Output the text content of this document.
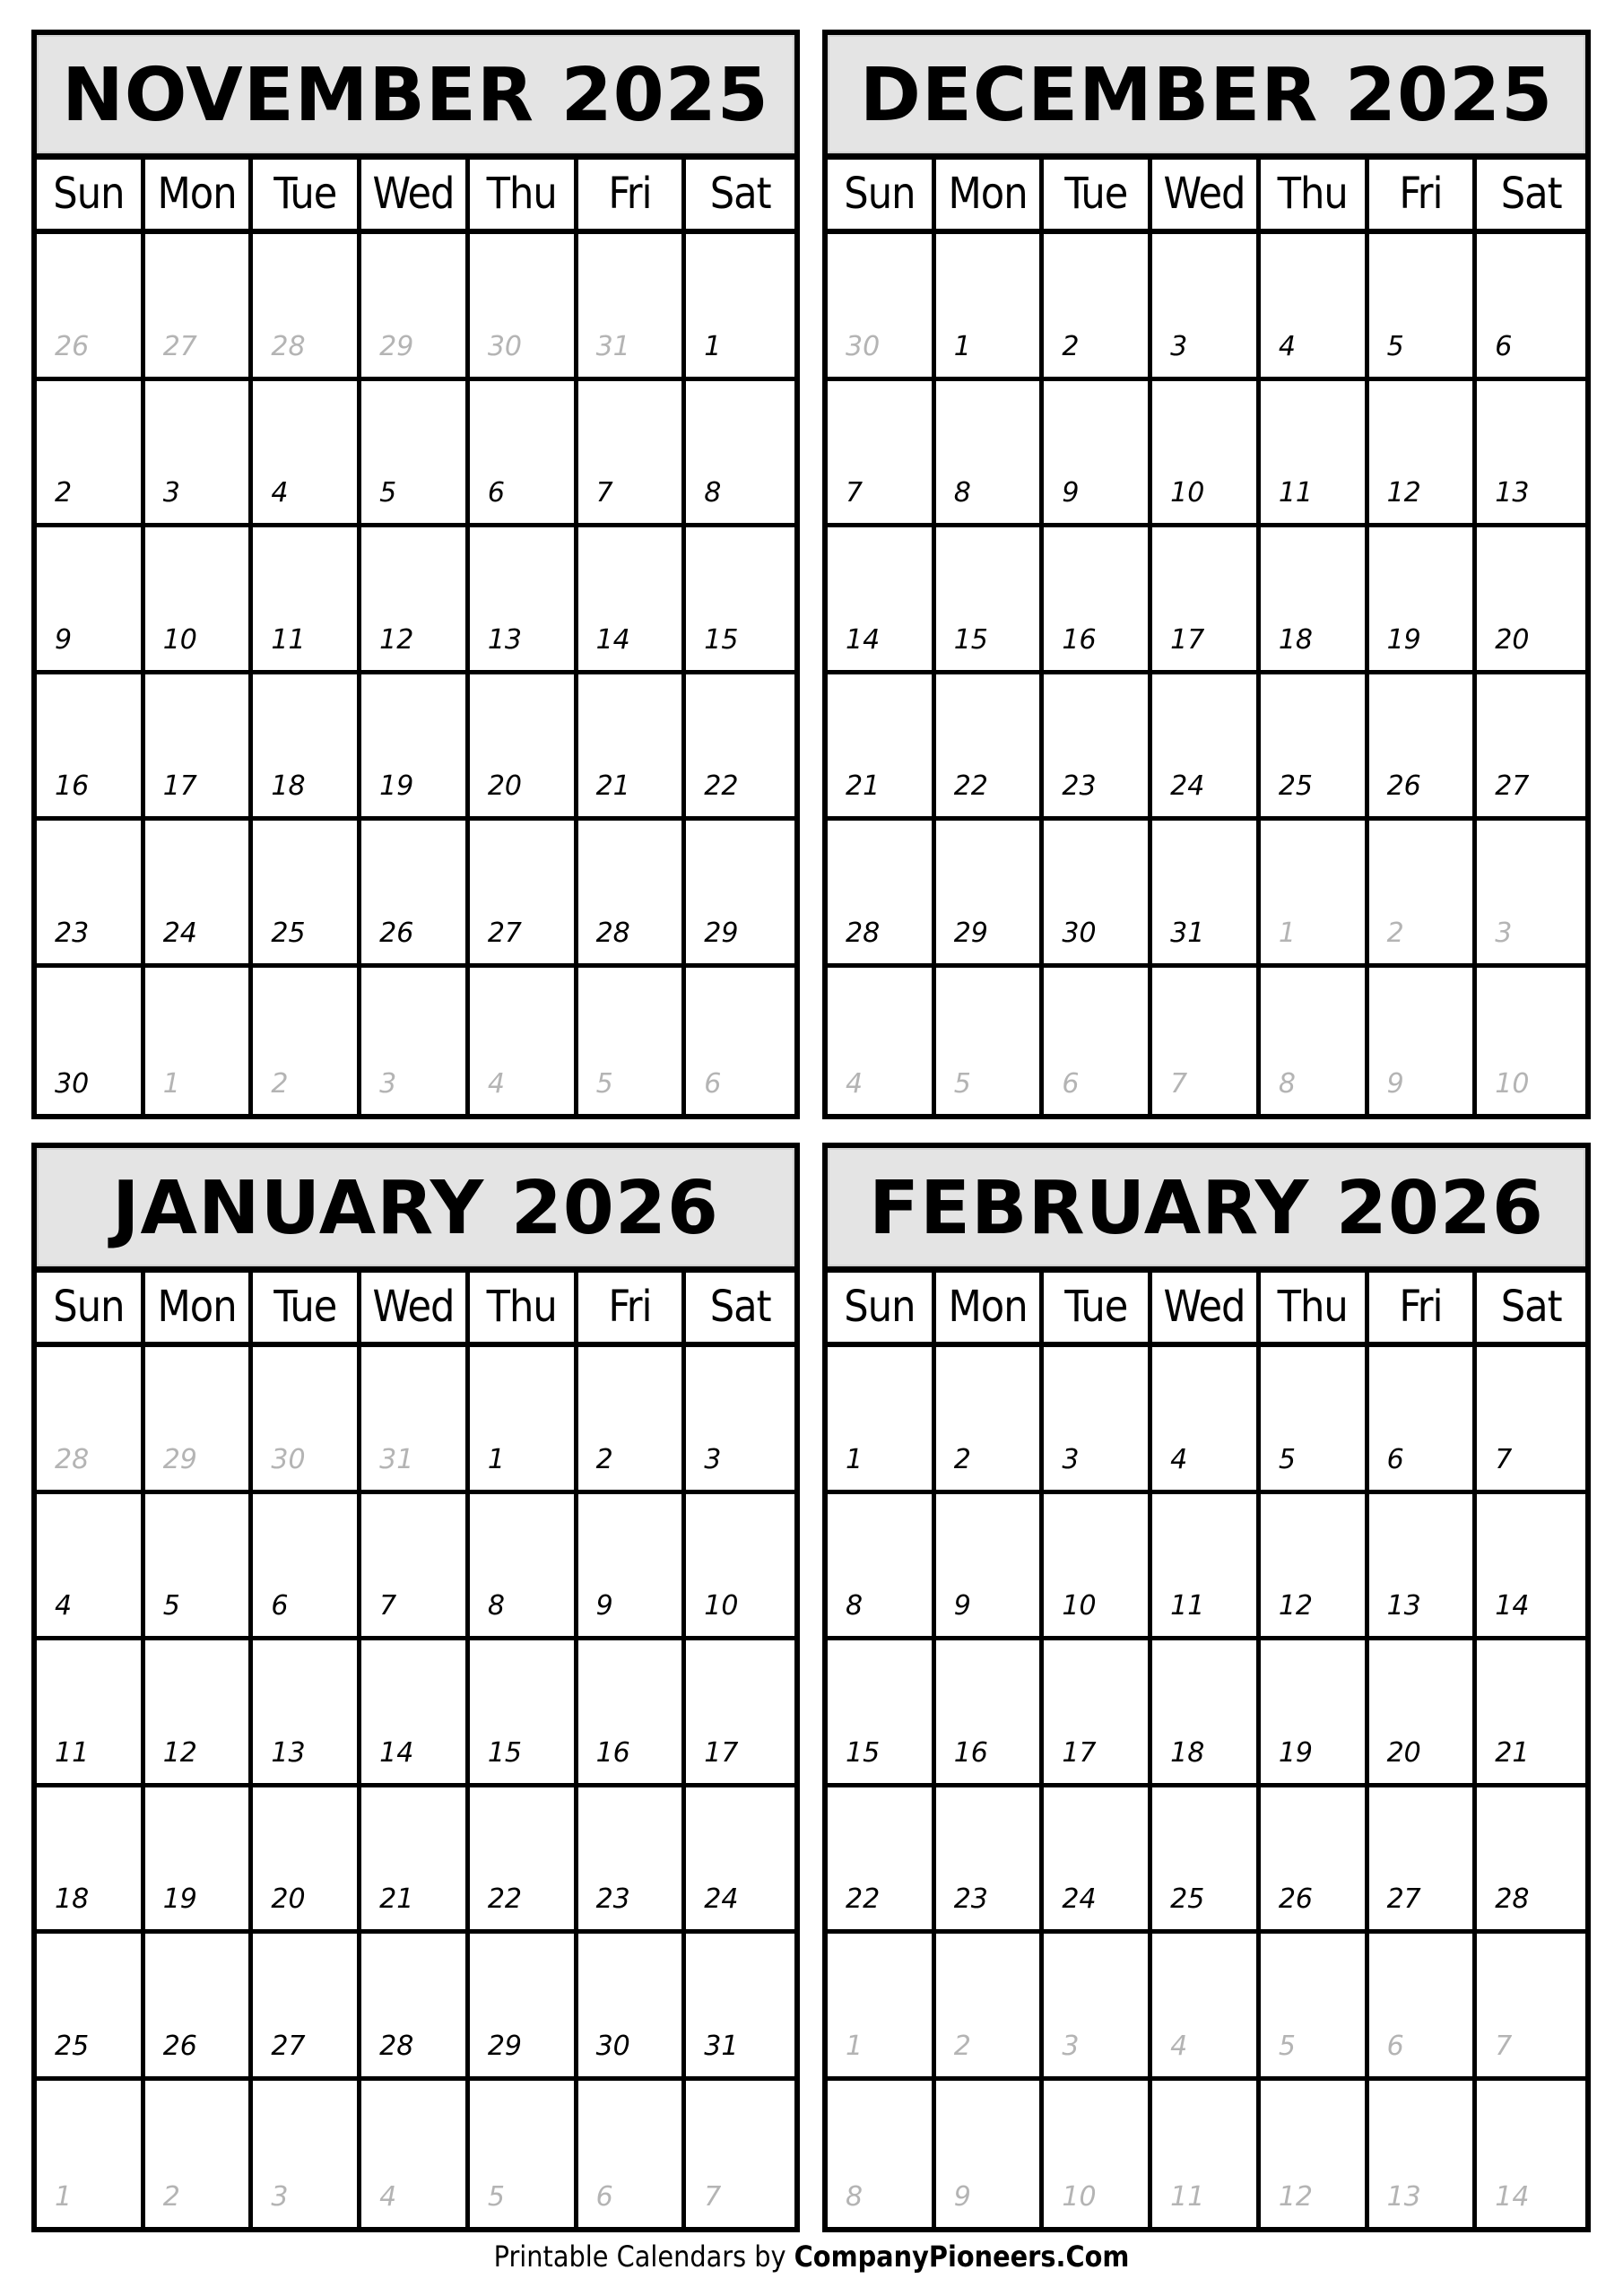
NOVEMBER 2025
Sun Mon Tue Wed Thu	Fri	Sat
26	27	28	29	30	31	1
2	3	4	5	6	7	8
9	10	11	12	13	14	15
16	17	18	19	20	21	22
23	24	25	26	27	28	29
30	1	2	3	4	5	6
DECEMBER 2025
Sun Mon Tue Wed Thu	Fri	Sat
30	1	2	3	4	5	6
7	8	9	10	11	12	13
14	15	16	17	18	19	20
21	22	23	24	25	26	27
28	29	30	31	1	2	3
4	5	6	7	8	9	10
JANUARY 2026
Sun Mon Tue Wed Thu	Fri	Sat
28	29	30	31	1	2	3
4	5	6	7	8	9	10
11	12	13	14	15	16	17
18	19	20	21	22	23	24
25	26	27	28	29	30	31
1	2	3	4	5	6	7
FEBRUARY 2026
Sun Mon Tue Wed Thu	Fri	Sat
1	2	3	4	5	6	7
8	9	10	11	12	13	14
15	16	17	18	19	20	21
22	23	24	25	26	27	28
1	2	3	4	5	6	7
8	9	10	11	12	13	14
Printable Calendars by CompanyPioneers.Com
